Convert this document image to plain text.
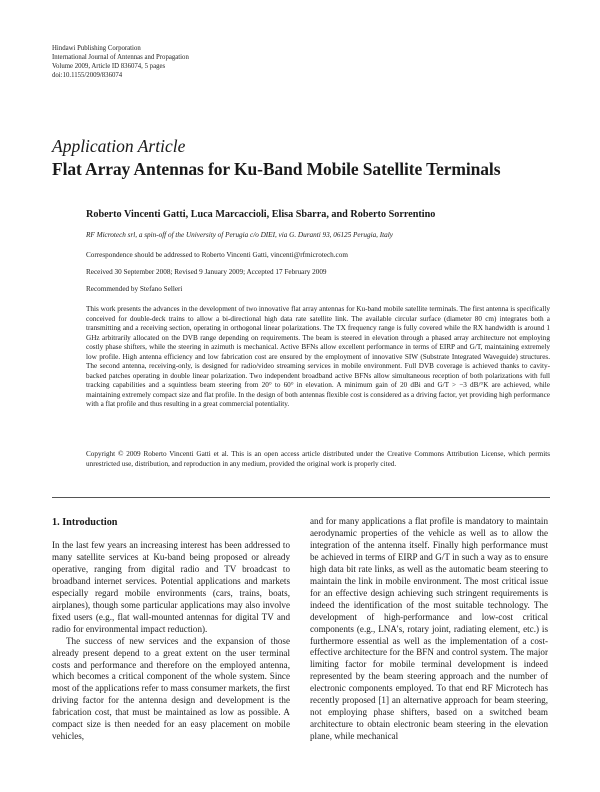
Hindawi Publishing Corporation
International Journal of Antennas and Propagation
Volume 2009, Article ID 836074, 5 pages
doi:10.1155/2009/836074
Application Article
Flat Array Antennas for Ku-Band Mobile Satellite Terminals
Roberto Vincenti Gatti, Luca Marcaccioli, Elisa Sbarra, and Roberto Sorrentino
RF Microtech srl, a spin-off of the University of Perugia c/o DIEI, via G. Duranti 93, 06125 Perugia, Italy
Correspondence should be addressed to Roberto Vincenti Gatti, vincenti@rfmicrotech.com
Received 30 September 2008; Revised 9 January 2009; Accepted 17 February 2009
Recommended by Stefano Selleri
This work presents the advances in the development of two innovative flat array antennas for Ku-band mobile satellite terminals. The first antenna is specifically conceived for double-deck trains to allow a bi-directional high data rate satellite link. The available circular surface (diameter 80 cm) integrates both a transmitting and a receiving section, operating in orthogonal linear polarizations. The TX frequency range is fully covered while the RX handwidth is around 1 GHz arbitrarily allocated on the DVB range depending on requirements. The beam is steered in elevation through a phased array architecture not employing costly phase shifters, while the steering in azimuth is mechanical. Active BFNs allow excellent performance in terms of EIRP and G/T, maintaining extremely low profile. High antenna efficiency and low fabrication cost are ensured by the employment of innovative SIW (Substrate Integrated Waveguide) structures. The second antenna, receiving-only, is designed for radio/video streaming services in mobile environment. Full DVB coverage is achieved thanks to cavity-backed patches operating in double linear polarization. Two independent broadband active BFNs allow simultaneous reception of both polarizations with full tracking capabilities and a squintless beam steering from 20° to 60° in elevation. A minimum gain of 20 dBi and G/T > −3 dB/°K are achieved, while maintaining extremely compact size and flat profile. In the design of both antennas flexible cost is considered as a driving factor, yet providing high performance with a flat profile and thus resulting in a great commercial potentiality.
Copyright © 2009 Roberto Vincenti Gatti et al. This is an open access article distributed under the Creative Commons Attribution License, which permits unrestricted use, distribution, and reproduction in any medium, provided the original work is properly cited.
1. Introduction

In the last few years an increasing interest has been addressed to many satellite services at Ku-band being proposed or already operative, ranging from digital radio and TV broadcast to broadband internet services. Potential applications and markets especially regard mobile environments (cars, trains, boats, airplanes), though some particular applications may also involve fixed users (e.g., flat wall-mounted antennas for digital TV and radio for environmental impact reduction).

The success of new services and the expansion of those already present depend to a great extent on the user terminal costs and performance and therefore on the employed antenna, which becomes a critical component of the whole system. Since most of the applications refer to mass consumer markets, the first driving factor for the antenna design and development is the fabrication cost, that must be maintained as low as possible. A compact size is then needed for an easy placement on mobile vehicles,

and for many applications a flat profile is mandatory to maintain aerodynamic properties of the vehicle as well as to allow the integration of the antenna itself. Finally high performance must be achieved in terms of EIRP and G/T in such a way as to ensure high data bit rate links, as well as the automatic beam steering to maintain the link in mobile environment. The most critical issue for an effective design achieving such stringent requirements is indeed the identification of the most suitable technology. The development of high-performance and low-cost critical components (e.g., LNA's, rotary joint, radiating element, etc.) is furthermore essential as well as the implementation of a cost-effective architecture for the BFN and control system. The major limiting factor for mobile terminal development is indeed represented by the beam steering approach and the number of electronic components employed. To that end RF Microtech has recently proposed [1] an alternative approach for beam steering, not employing phase shifters, based on a switched beam architecture to obtain electronic beam steering in the elevation plane, while mechanical
